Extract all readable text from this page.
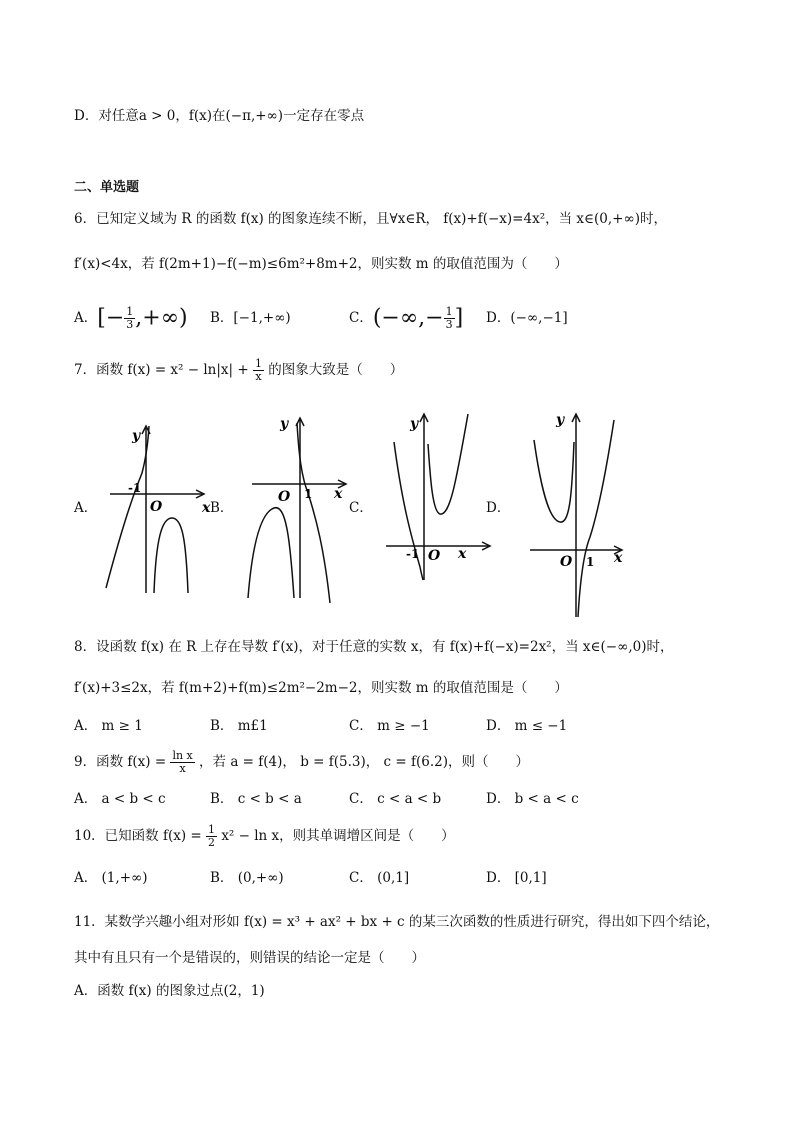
D．对任意a > 0，f(x)在(−π,+∞)一定存在零点
二、单选题
6．已知定义域为 R 的函数 f(x) 的图象连续不断，且∀x∈R， f(x)+f(−x)=4x²，当 x∈(0,+∞)时，
f′(x)<4x，若 f(2m+1)−f(−m)≤6m²+8m+2，则实数 m 的取值范围为（　　）
A．[− $\frac{1}{3}$ ,+∞) B．[−1,+∞)	C．(−∞,− $\frac{1}{3}$ ] D．(−∞,−1]
7．函数 $f(x) = x^2 - \ln|x| + \frac{1}{x}$ 的图象大致是（　　）
A．	B．	C．	D．
y
x
O
-1
y
x
O 1
y
x
O
-1
y
x
O 1
8．设函数 f(x) 在 R 上存在导数 f′(x)，对于任意的实数 x，有 f(x)+f(−x)=2x²，当 x∈(−∞,0)时，
f′(x)+3≤2x，若 f(m+2)+f(m)≤2m²−2m−2，则实数 m 的取值范围是（　　）
A． m ≥ 1	B． m£1	C． m ≥ −1	D． m ≤ −1
9．函数 $f(x) = \frac{\text{ln x}}{x}$ ，若 a = f(4)， b = f(5.3)， c = f(6.2)，则（　　）
A． a < b < c	B． c < b < a	C． c < a < b	D． b < a < c
10．已知函数 $f(x) = \frac{1}{2} x^2 - \ln x$，则其单调增区间是（　　）
A． (1,+∞)	B． (0,+∞)	C． (0,1]	D． [0,1]
11．某数学兴趣小组对形如 f(x) = x³ + ax² + bx + c 的某三次函数的性质进行研究，得出如下四个结论，
其中有且只有一个是错误的，则错误的结论一定是（　　）
A．函数 f(x) 的图象过点(2，1)
